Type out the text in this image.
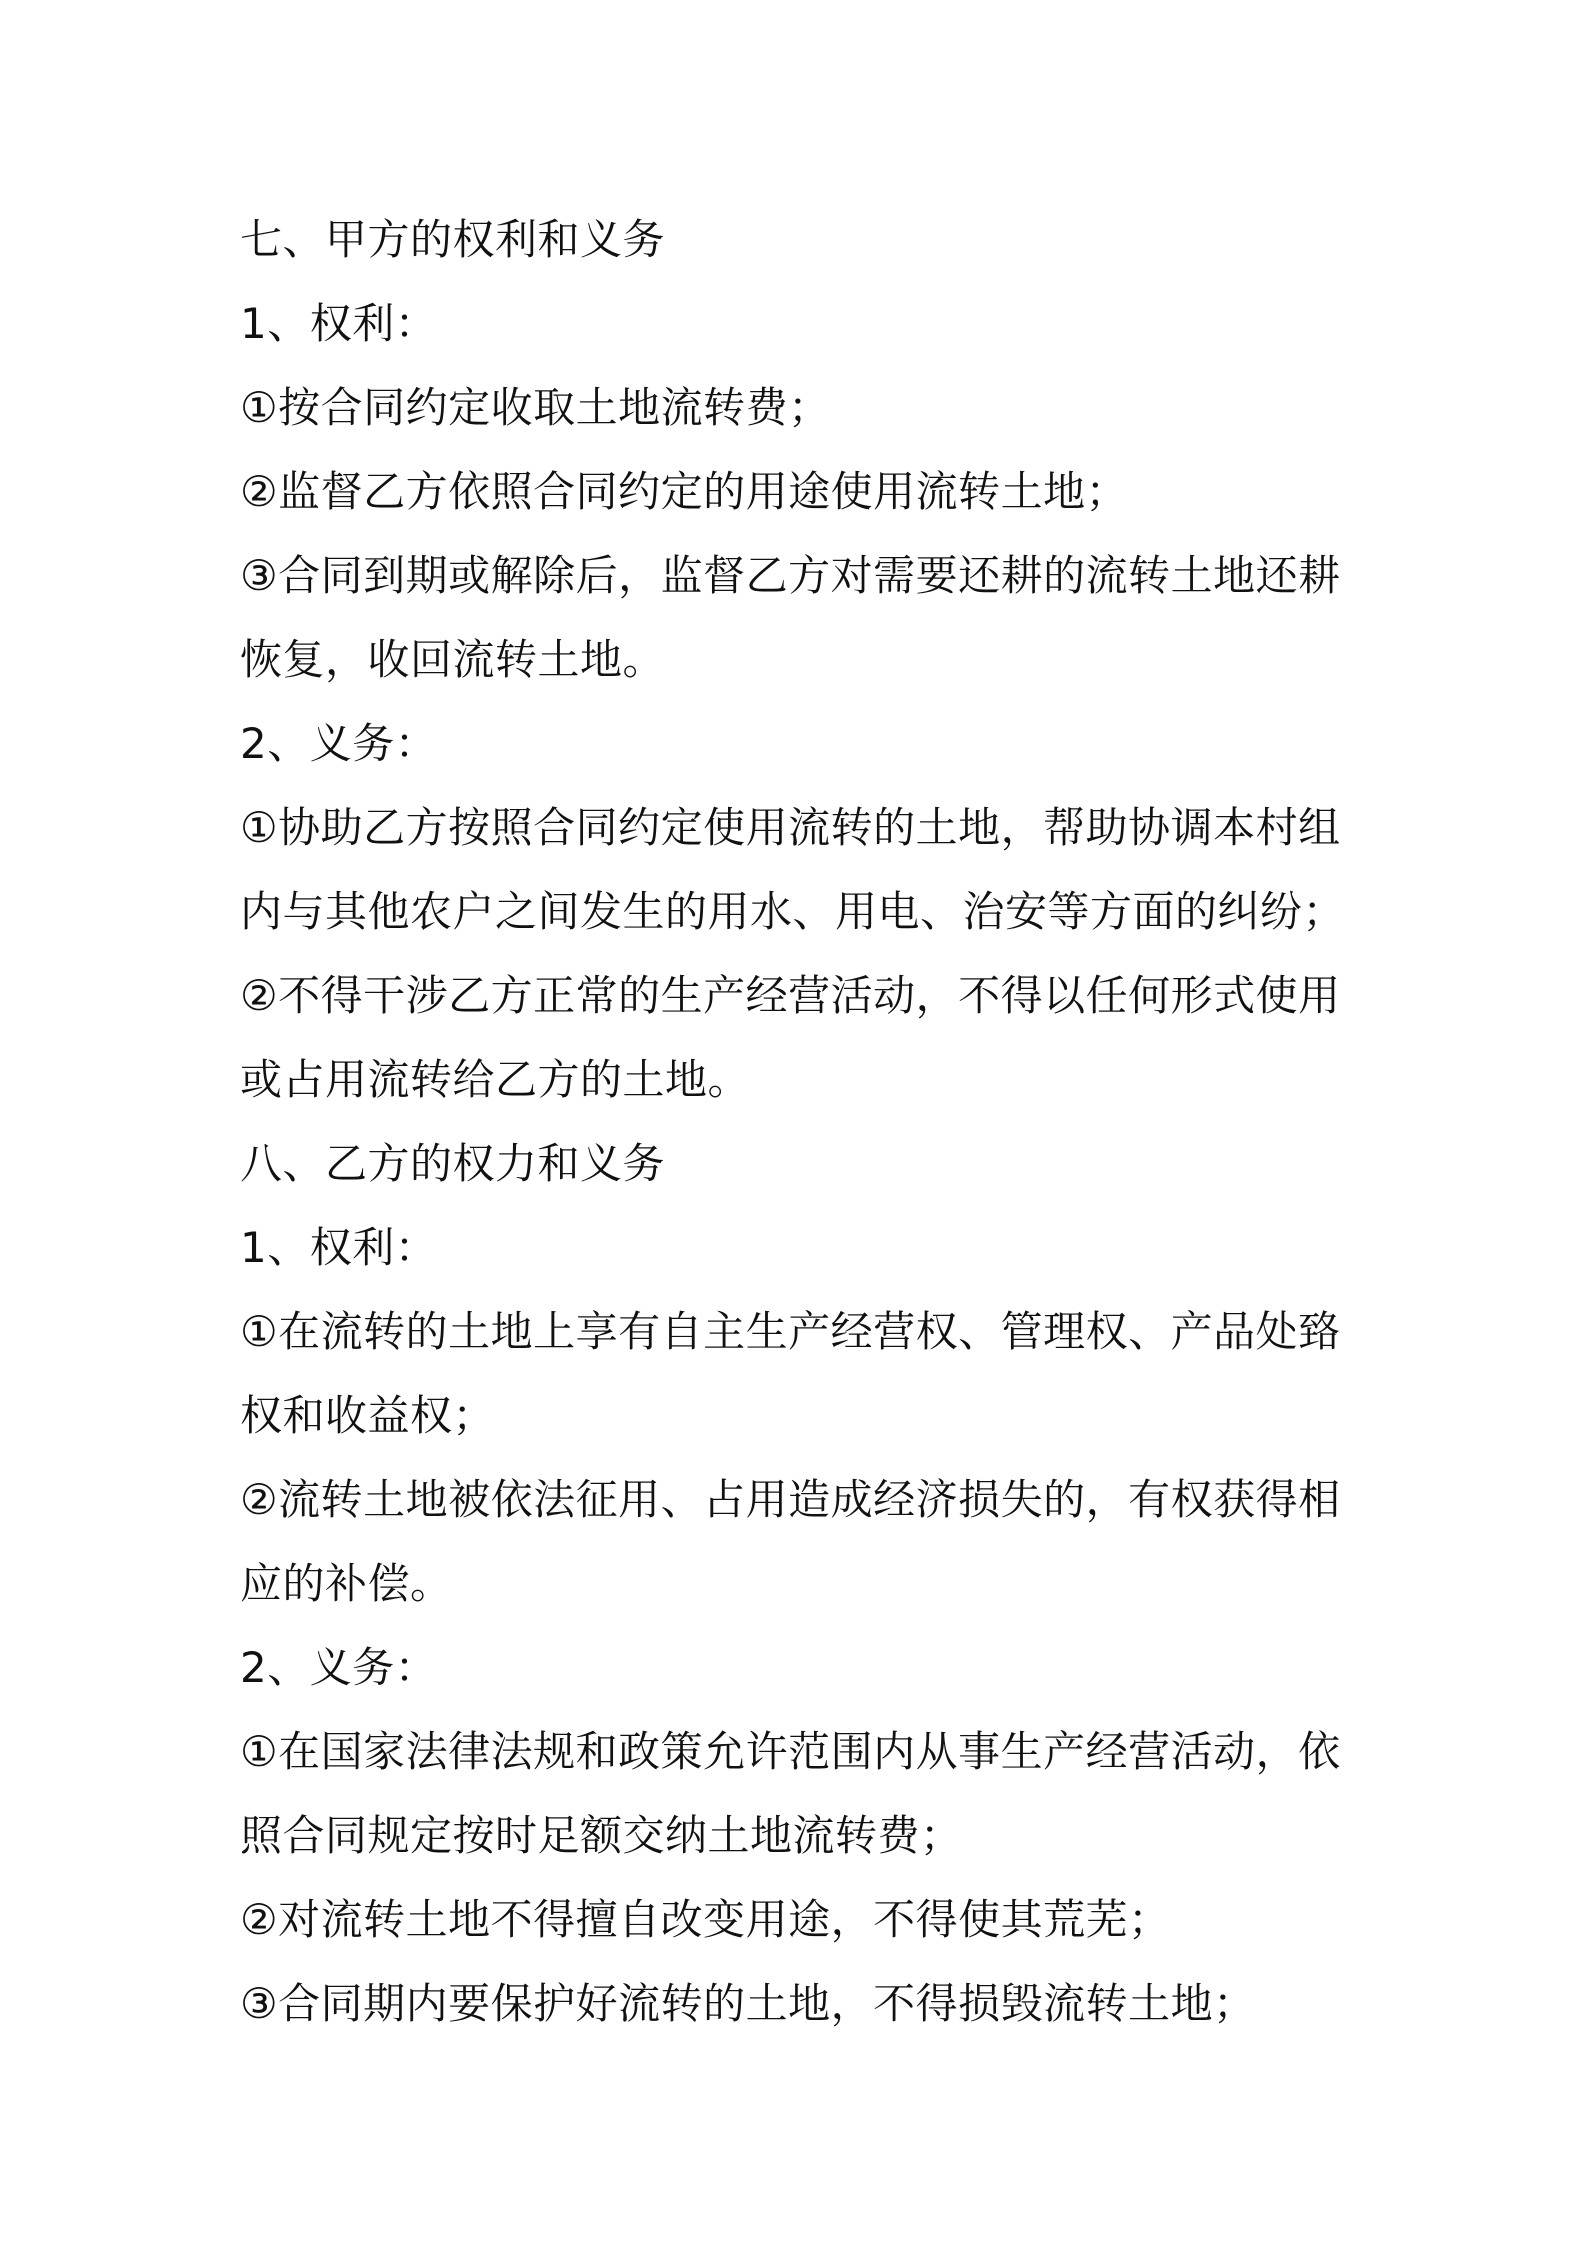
七、甲方的权利和义务

1、权利：

①按合同约定收取土地流转费；

②监督乙方依照合同约定的用途使用流转土地；

③合同到期或解除后，监督乙方对需要还耕的流转土地还耕

恢复，收回流转土地。

2、义务：

①协助乙方按照合同约定使用流转的土地，帮助协调本村组

内与其他农户之间发生的用水、用电、治安等方面的纠纷；

②不得干涉乙方正常的生产经营活动，不得以任何形式使用

或占用流转给乙方的土地。

八、乙方的权力和义务

1、权利：

①在流转的土地上享有自主生产经营权、管理权、产品处臵

权和收益权；

②流转土地被依法征用、占用造成经济损失的，有权获得相

应的补偿。

2、义务：

①在国家法律法规和政策允许范围内从事生产经营活动，依

照合同规定按时足额交纳土地流转费；

②对流转土地不得擅自改变用途，不得使其荒芜；

③合同期内要保护好流转的土地，不得损毁流转土地；
